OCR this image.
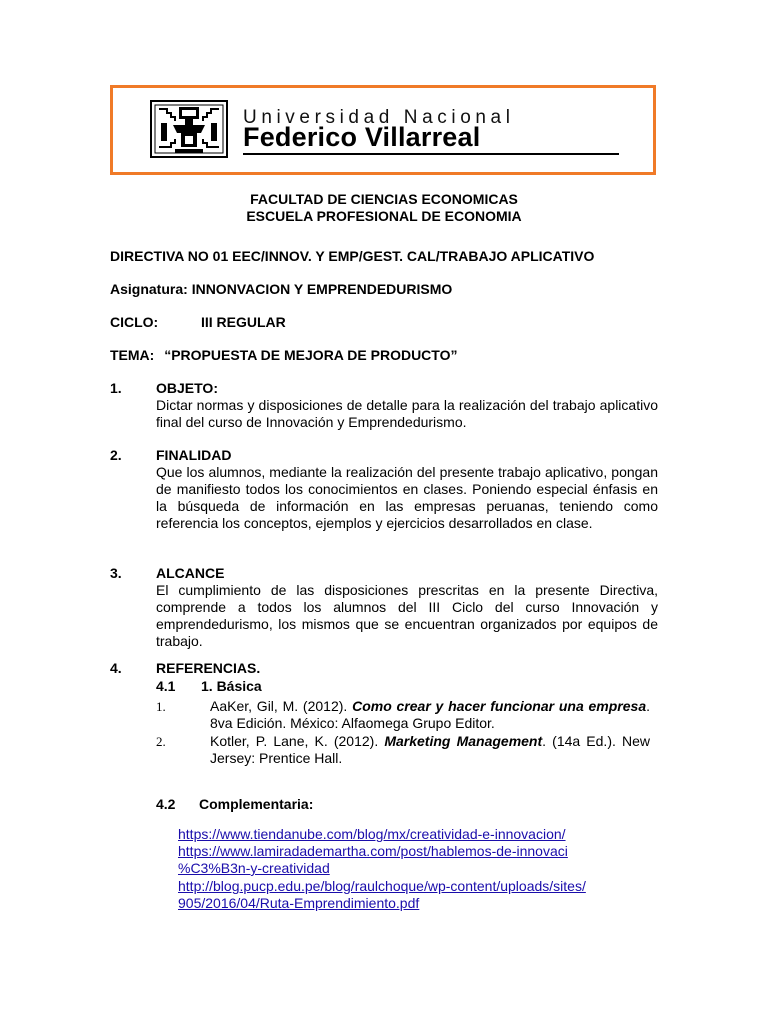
Universidad Nacional
Federico Villarreal
FACULTAD DE CIENCIAS ECONOMICAS
ESCUELA PROFESIONAL DE ECONOMIA
DIRECTIVA NO 01 EEC/INNOV. Y EMP/GEST. CAL/TRABAJO APLICATIVO
Asignatura: INNONVACION Y EMPRENDEDURISMO
CICLO:	III REGULAR
TEMA: “PROPUESTA DE MEJORA DE PRODUCTO”
1. OBJETO:

Dictar normas y disposiciones de detalle para la realización del trabajo aplicativo final del curso de Innovación y Emprendedurismo.

2. FINALIDAD

Que los alumnos, mediante la realización del presente trabajo aplicativo, pongan de manifiesto todos los conocimientos en clases. Poniendo especial énfasis en la búsqueda de información en las empresas peruanas, teniendo como referencia los conceptos, ejemplos y ejercicios desarrollados en clase.

3. ALCANCE

El cumplimiento de las disposiciones prescritas en la presente Directiva, comprende a todos los alumnos del III Ciclo del curso Innovación y emprendedurismo, los mismos que se encuentran organizados por equipos de trabajo.

4. REFERENCIAS.
4.1 1. Básica
1.	AaKer, Gil, M. (2012). Como crear y hacer funcionar una empresa. 8va Edición. México: Alfaomega Grupo Editor.
2.	Kotler, P. Lane, K. (2012). Marketing Management. (14a Ed.). New Jersey: Prentice Hall.
4.2 Complementaria:
https://www.tiendanube.com/blog/mx/creatividad-e-innovacion/
https://www.lamiradademartha.com/post/hablemos-de-innovaci
%C3%B3n-y-creatividad
http://blog.pucp.edu.pe/blog/raulchoque/wp-content/uploads/sites/
905/2016/04/Ruta-Emprendimiento.pdf
